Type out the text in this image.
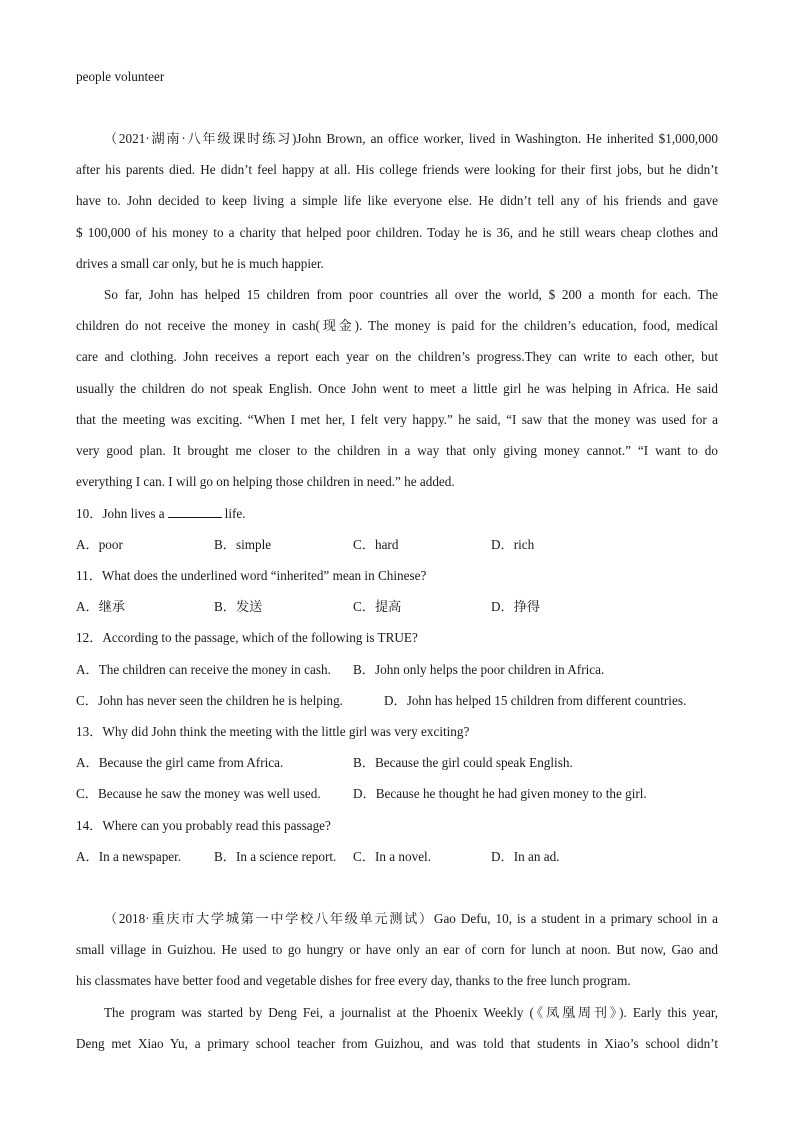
people volunteer
（2021·湖南·八年级课时练习)John Brown, an office worker, lived in Washington. He inherited $1,000,000
after his parents died. He didn’t feel happy at all. His college friends were looking for their first jobs, but he didn’t
have to. John decided to keep living a simple life like everyone else. He didn’t tell any of his friends and gave
$ 100,000 of his money to a charity that helped poor children. Today he is 36, and he still wears cheap clothes and
drives a small car only, but he is much happier.
So far, John has helped 15 children from poor countries all over the world, $ 200 a month for each. The
children do not receive the money in cash(现金). The money is paid for the children’s education, food, medical
care and clothing. John receives a report each year on the children’s progress.They can write to each other, but
usually the children do not speak English. Once John went to meet a little girl he was helping in Africa. He said
that the meeting was exciting. “When I met her, I felt very happy.” he said, “I saw that the money was used for a
very good plan. It brought me closer to the children in a way that only giving money cannot.” “I want to do
everything I can. I will go on helping those children in need.” he added.
10．John lives a	life.
A．poor	B．simple	C．hard	D．rich
11．What does the underlined word “inherited” mean in Chinese?
A．继承	B．发送	C．提高	D．挣得
12．According to the passage, which of the following is TRUE?
A．The children can receive the money in cash. B．John only helps the poor children in Africa.
C．John has never seen the children he is helping.	D．John has helped 15 children from different countries.
13．Why did John think the meeting with the little girl was very exciting?
A．Because the girl came from Africa.	B．Because the girl could speak English.
C．Because he saw the money was well used. D．Because he thought he had given money to the girl.
14．Where can you probably read this passage?
A．In a newspaper. B．In a science report. C．In a novel.	D．In an ad.
（2018·重庆市大学城第一中学校八年级单元测试）Gao Defu, 10, is a student in a primary school in a
small village in Guizhou. He used to go hungry or have only an ear of corn for lunch at noon. But now, Gao and
his classmates have better food and vegetable dishes for free every day, thanks to the free lunch program.
The program was started by Deng Fei, a journalist at the Phoenix Weekly (《凤凰周刊》). Early this year,
Deng met Xiao Yu, a primary school teacher from Guizhou, and was told that students in Xiao’s school didn’t
